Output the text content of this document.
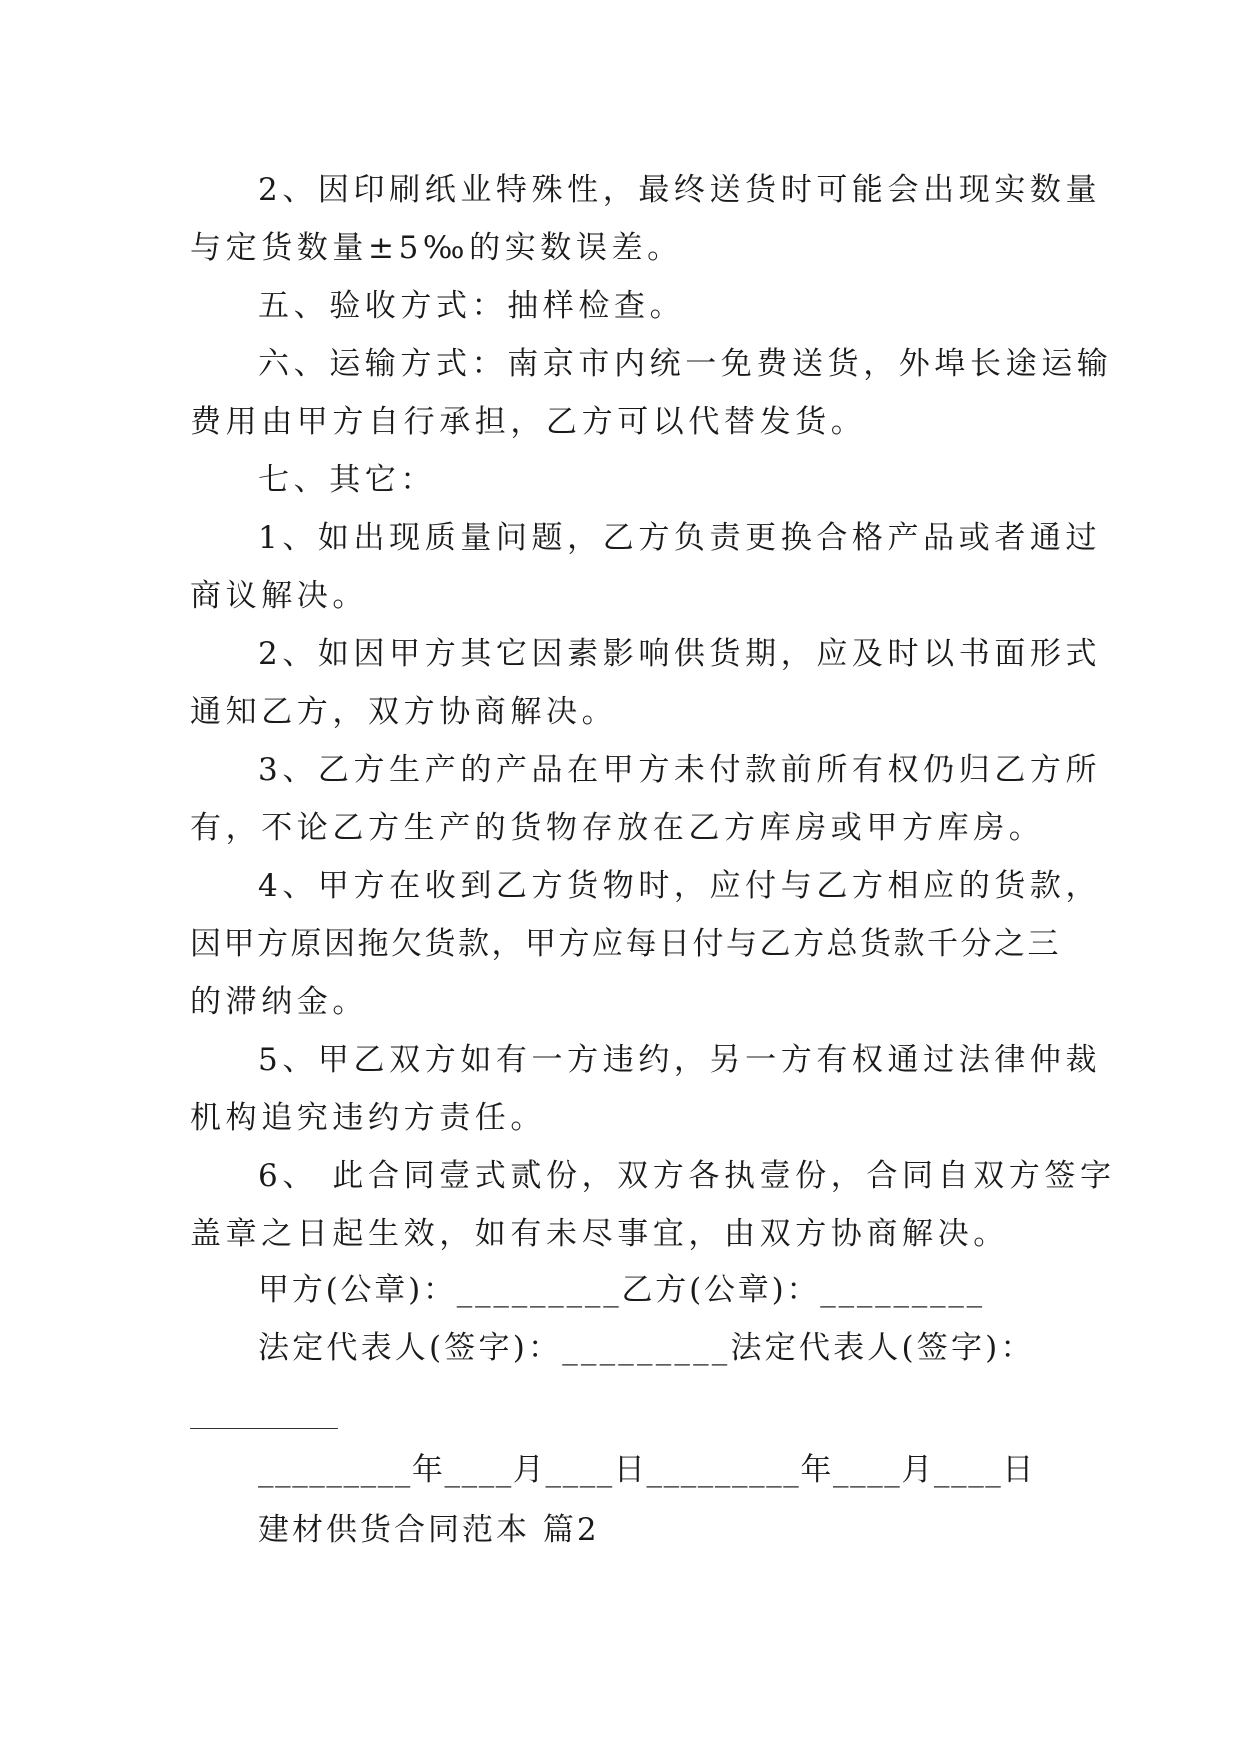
2、因印刷纸业特殊性，最终送货时可能会出现实数量
与定货数量±5‰的实数误差。
五、验收方式：抽样检查。
六、运输方式：南京市内统一免费送货，外埠长途运输
费用由甲方自行承担，乙方可以代替发货。
七、其它：
1、如出现质量问题，乙方负责更换合格产品或者通过
商议解决。
2、如因甲方其它因素影响供货期，应及时以书面形式
通知乙方，双方协商解决。
3、乙方生产的产品在甲方未付款前所有权仍归乙方所
有，不论乙方生产的货物存放在乙方库房或甲方库房。
4、甲方在收到乙方货物时，应付与乙方相应的货款，
因甲方原因拖欠货款，甲方应每日付与乙方总货款千分之三
的滞纳金。
5、甲乙双方如有一方违约，另一方有权通过法律仲裁
机构追究违约方责任。
6、 此合同壹式贰份，双方各执壹份，合同自双方签字
盖章之日起生效，如有未尽事宜，由双方协商解决。
甲方(公章)：_________乙方(公章)：_________
法定代表人(签字)：_________法定代表人(签字)：
_________年____月____日_________年____月____日
建材供货合同范本 篇2
